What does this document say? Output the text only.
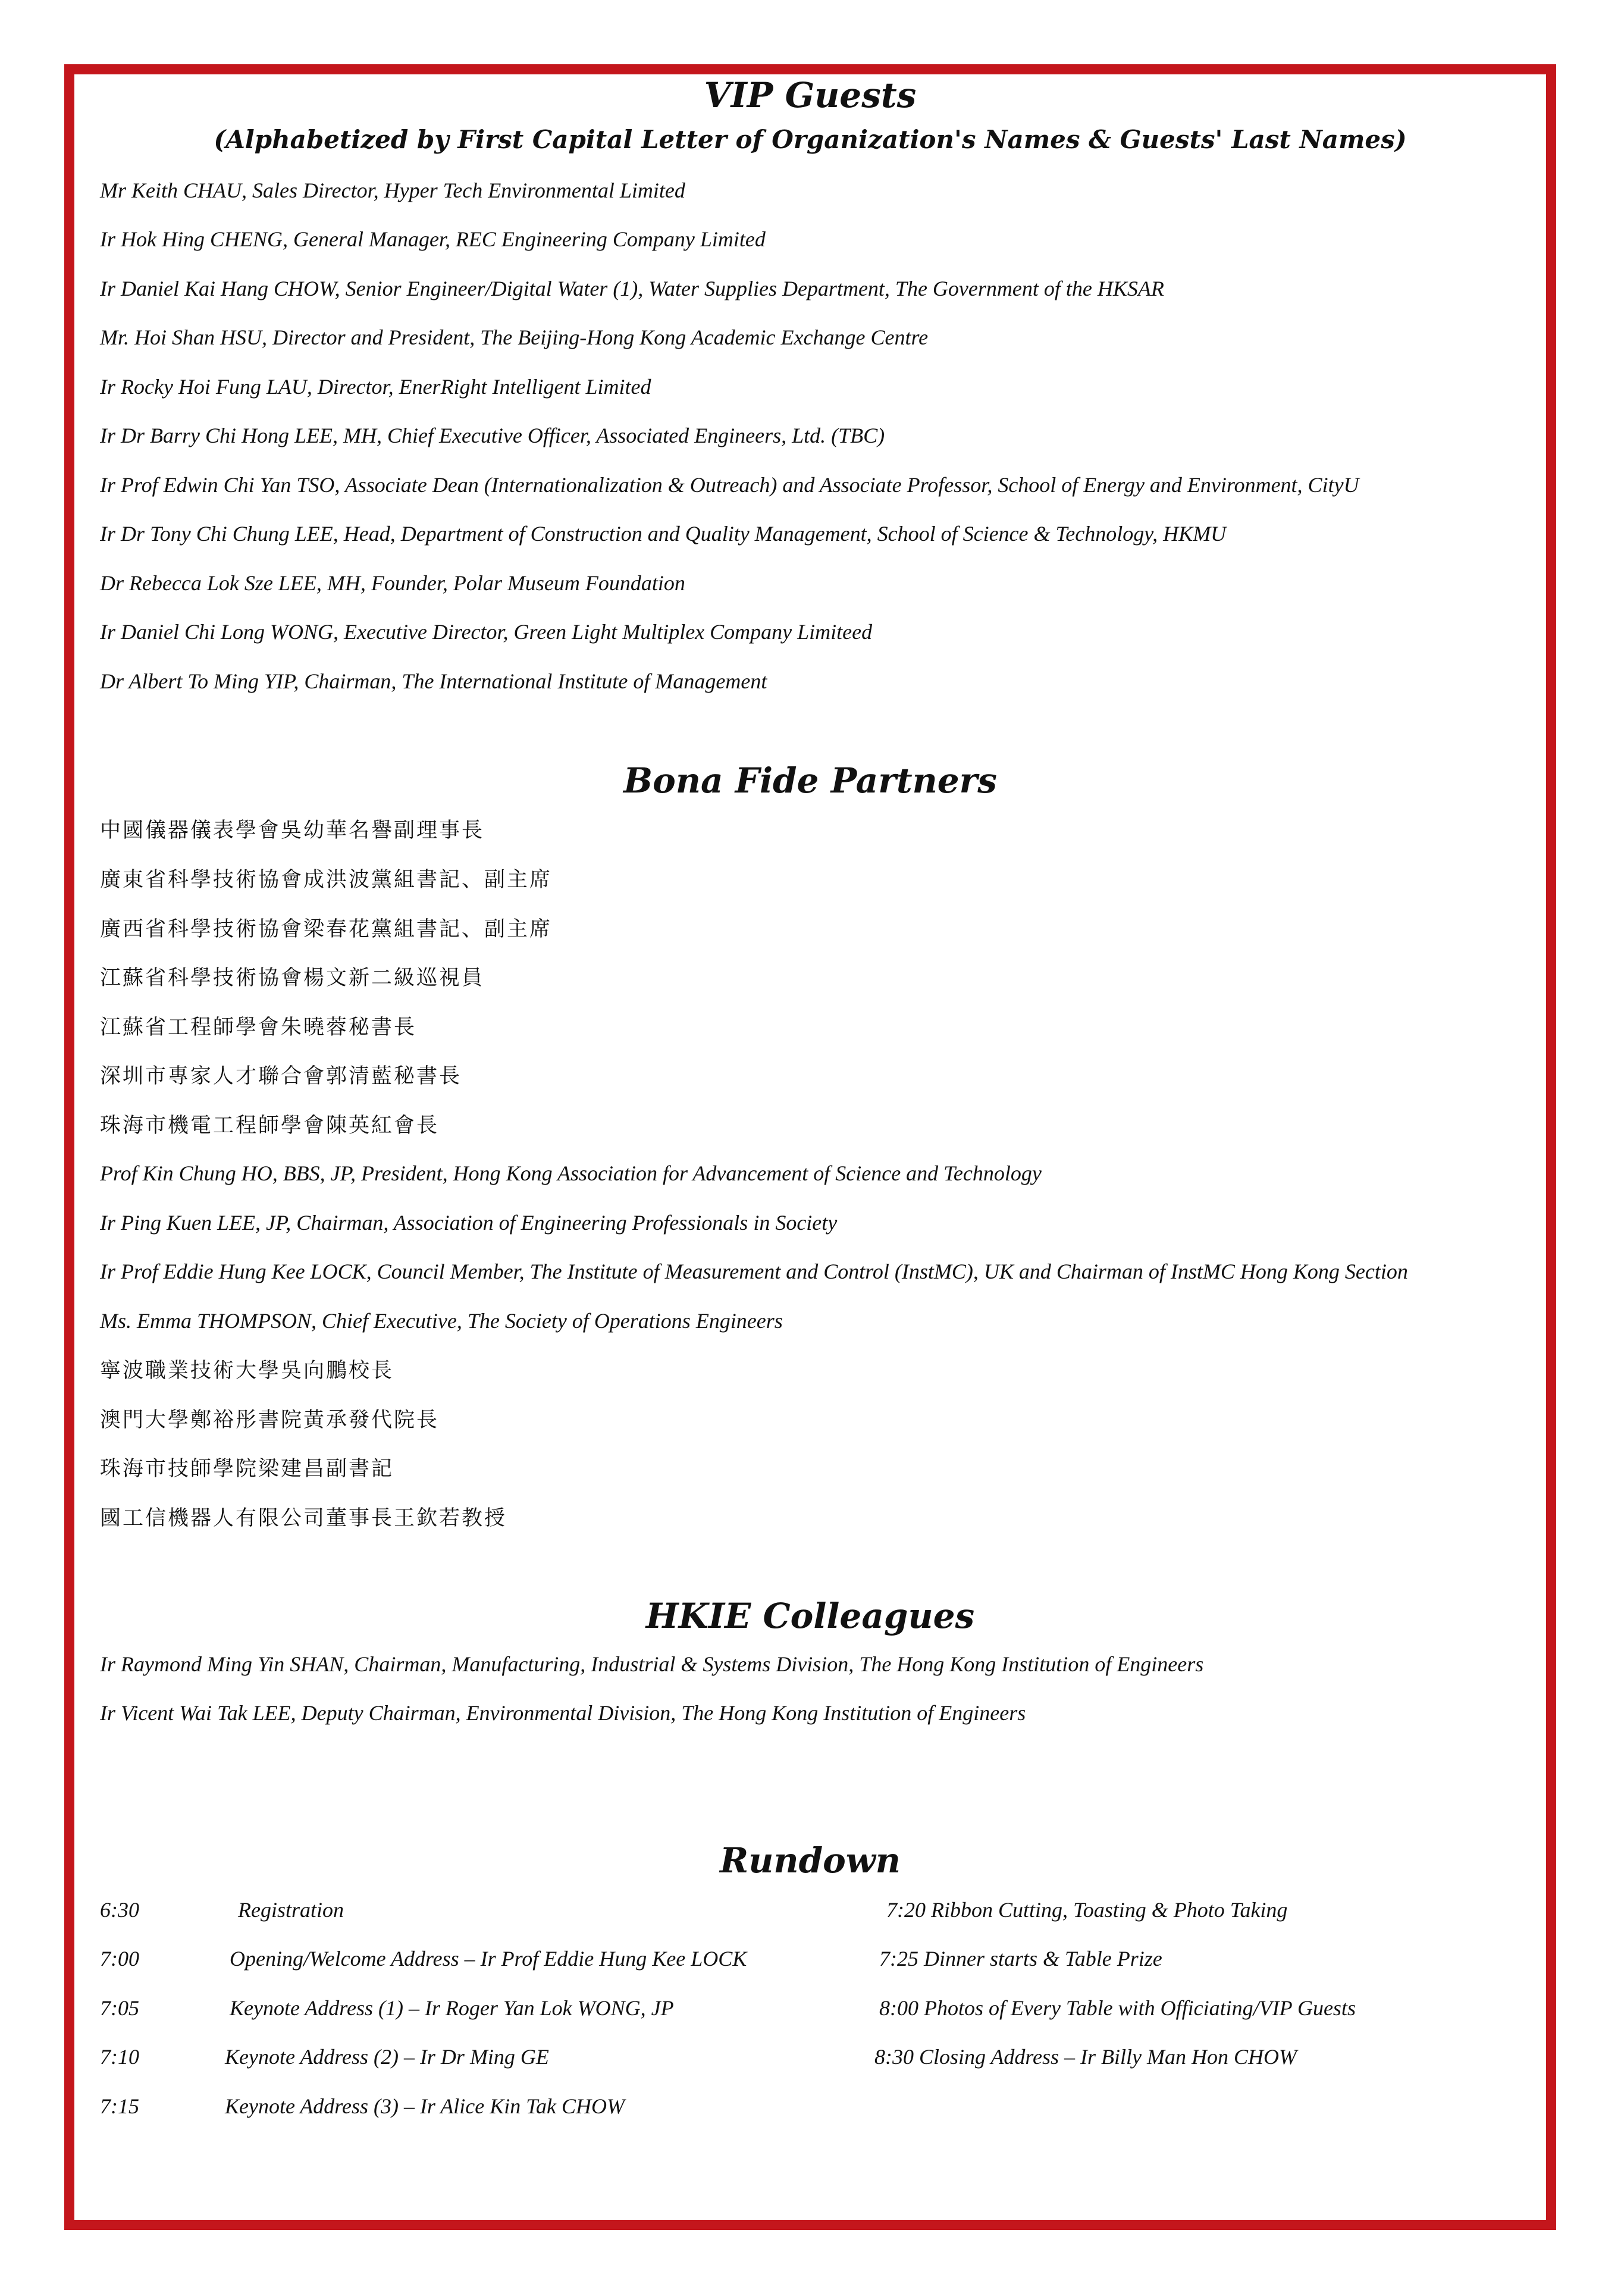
VIP Guests
(Alphabetized by First Capital Letter of Organization's Names & Guests' Last Names)
Mr Keith CHAU, Sales Director, Hyper Tech Environmental Limited
Ir Hok Hing CHENG, General Manager, REC Engineering Company Limited
Ir Daniel Kai Hang CHOW, Senior Engineer/Digital Water (1), Water Supplies Department, The Government of the HKSAR
Mr. Hoi Shan HSU, Director and President, The Beijing-Hong Kong Academic Exchange Centre
Ir Rocky Hoi Fung LAU, Director, EnerRight Intelligent Limited
Ir Dr Barry Chi Hong LEE, MH, Chief Executive Officer, Associated Engineers, Ltd. (TBC)
Ir Prof Edwin Chi Yan TSO, Associate Dean (Internationalization & Outreach) and Associate Professor, School of Energy and Environment, CityU
Ir Dr Tony Chi Chung LEE, Head, Department of Construction and Quality Management, School of Science & Technology, HKMU
Dr Rebecca Lok Sze LEE, MH, Founder, Polar Museum Foundation
Ir Daniel Chi Long WONG, Executive Director, Green Light Multiplex Company Limiteed
Dr Albert To Ming YIP, Chairman, The International Institute of Management
Bona Fide Partners
中國儀器儀表學會吳幼華名譽副理事長
廣東省科學技術協會成洪波黨組書記、副主席
廣西省科學技術協會梁春花黨組書記、副主席
江蘇省科學技術協會楊文新二級巡視員
江蘇省工程師學會朱曉蓉秘書長
深圳市專家人才聯合會郭清藍秘書長
珠海市機電工程師學會陳英紅會長
Prof Kin Chung HO, BBS, JP, President, Hong Kong Association for Advancement of Science and Technology
Ir Ping Kuen LEE, JP, Chairman, Association of Engineering Professionals in Society
Ir Prof Eddie Hung Kee LOCK, Council Member, The Institute of Measurement and Control (InstMC), UK and Chairman of InstMC Hong Kong Section
Ms. Emma THOMPSON, Chief Executive, The Society of Operations Engineers
寧波職業技術大學吳向鵬校長
澳門大學鄭裕彤書院黃承發代院長
珠海市技師學院梁建昌副書記
國工信機器人有限公司董事長王欽若教授
HKIE Colleagues
Ir Raymond Ming Yin SHAN, Chairman, Manufacturing, Industrial & Systems Division, The Hong Kong Institution of Engineers
Ir Vicent Wai Tak LEE, Deputy Chairman, Environmental Division, The Hong Kong Institution of Engineers
Rundown
6:30	Registration
7:00	Opening/Welcome Address – Ir Prof Eddie Hung Kee LOCK
7:05	Keynote Address (1) – Ir Roger Yan Lok WONG, JP
7:10	Keynote Address (2) – Ir Dr Ming GE
7:15	Keynote Address (3) – Ir Alice Kin Tak CHOW
7:20 Ribbon Cutting, Toasting & Photo Taking
7:25 Dinner starts & Table Prize
8:00 Photos of Every Table with Officiating/VIP Guests
8:30 Closing Address – Ir Billy Man Hon CHOW
